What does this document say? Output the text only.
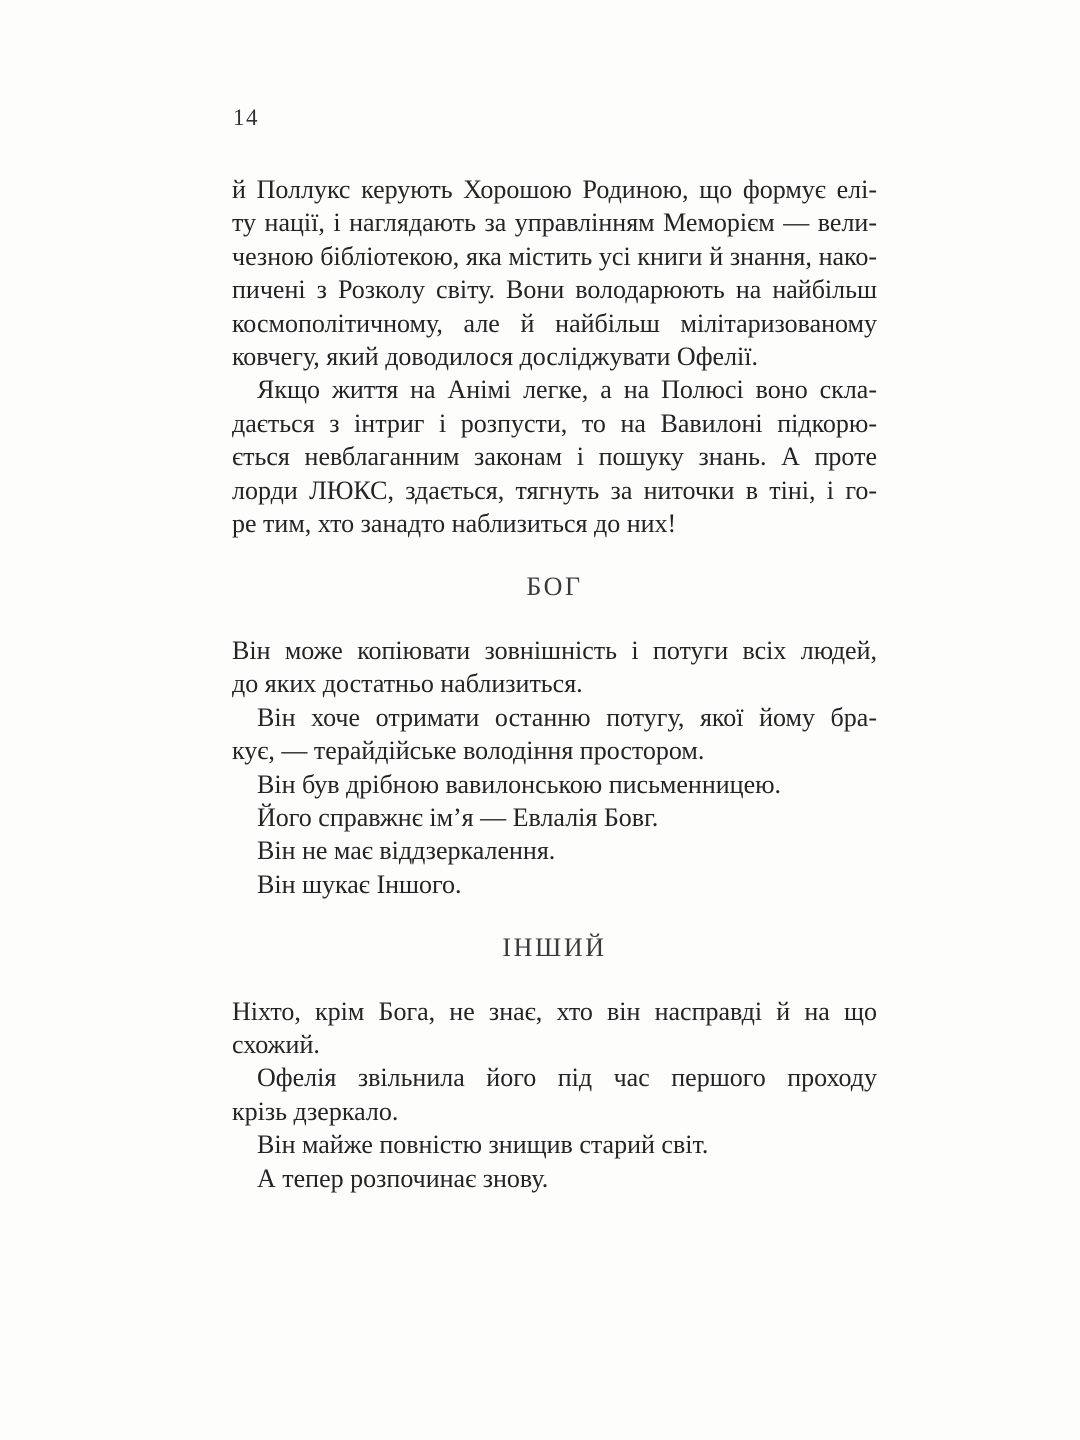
14
й Поллукс керують Хорошою Родиною, що формує елі-
ту нації, і наглядають за управлінням Меморієм — вели-
чезною бібліотекою, яка містить усі книги й знання, нако-
пичені з Розколу світу. Вони володарюють на найбільш
космополітичному, але й найбільш мілітаризованому
ковчегу, який доводилося досліджувати Офелії.
Якщо життя на Анімі легке, а на Полюсі воно скла-
дається з інтриг і розпусти, то на Вавилоні підкорю-
ється невблаганним законам і пошуку знань. А проте
лорди ЛЮКС, здається, тягнуть за ниточки в тіні, і го-
ре тим, хто занадто наблизиться до них!
БОГ
Він може копіювати зовнішність і потуги всіх людей,
до яких достатньо наблизиться.
Він хоче отримати останню потугу, якої йому бра-
кує, — терайдійське володіння простором.
Він був дрібною вавилонською письменницею.
Його справжнє ім’я — Евлалія Бовг.
Він не має віддзеркалення.
Він шукає Іншого.
ІНШИЙ
Ніхто, крім Бога, не знає, хто він насправді й на що
схожий.
Офелія звільнила його під час першого проходу
крізь дзеркало.
Він майже повністю знищив старий світ.
А тепер розпочинає знову.
